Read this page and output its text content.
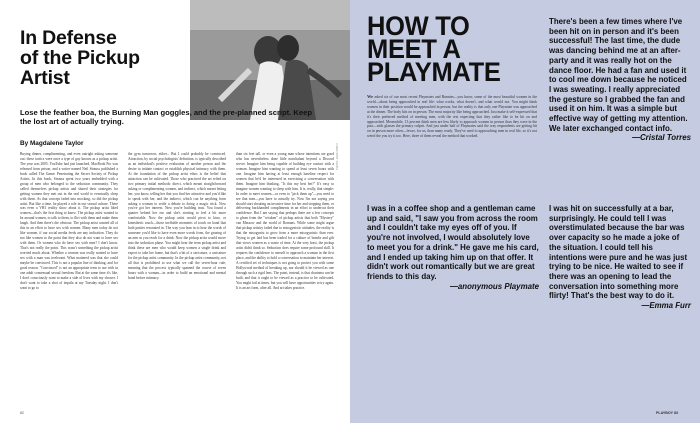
In Defense
of the Pickup
Artist
Lose the feather boa, the Burning Man goggles, and the pre-planned script. Keep the lost art of actually trying.
By Magdalene Taylor

Buying dinner, complimenting, and even outright asking someone out: these tactics were once a type of gay known as a pickup artist. The year was 2005. YouTube had just launched, MacBook Pro was released from prison, and a writer named Neil Strauss published a book called The Game: Penetrating the Secret Society of Pickup Artists. In this book, Strauss spent two years embedded with a group of men who belonged to the seduction community. They called themselves pickup artists and shared their strategies for getting women they met out in the real world to eventually sleep with them. As that concept faded into mocking, so did the pickup artist. But like a time, he played a role in our sexual culture. There was even a VH1 reality show about it. The pickup artist liked women—that's the first thing to know. The pickup artist wanted to be around women, to talk to them, to flirt with them and make them laugh. And then there's the obvious: The pickup artist wanted all of this in an effort to have sex with women. Many men today do not like women, if our social media feeds are any indication. They do not like women to the point that they also do not want to have sex with them. Or women who do have sex with men? I don't know. That's not really the point. This wasn't something the pickup artist worried much about. Whether a woman was really wanted to have sex with a man was irrelevant. What mattered was that she could maybe be convinced. This is not a popular line of thinking, and for good reason. "Convinced" is not an appropriate term to use with in one adult consensual sexual freedom. But at the same time it's like, I don't consciously want to make a side of lives with my shower. I don't want to take a shot of tequila at my Tuesday night. I don't want to go to

the gym tomorrow, either... But I could probably be convinced. Attraction, by social psychologists' definition, is typically described as an individual's positive evaluation of another person and the desire to initiate contact or establish physical intimacy with them. At the foundation of the pickup artist ethos is the belief that attraction can be cultivated. Those who practiced the art relied on two primary initial methods: direct, which meant straightforward asking or complimenting women, and indirect, which meant letting her, you know, telling her that you find her attractive and you'd like to speak with her, and the indirect, which can be anything from asking a woman to settle a debate to doing a magic trick. Now you've got her interest. Now you're building trust. You found a quarter behind her ear and she's starting to feel a bit more comfortable. Now the pickup artist would pivot to kino, or kinesthetic touch—those ineffable moments of touch on hand that both parties resonated in. The way you lean in to hear the words of someone you'd like to have even more words from, the grazing of an arm as you reach for a drink. Now the pickup artist would move into the seduction phase. You might hear the term pickup artist and think these are men who would keep women a single drink and expect to take her home, but that's a bit of a caricature, a caricature for the pickup artist community. In the pickup artist community, not all that is prohibited to use what we call the seven-hour rule, meaning that the process typically spanned the course of seven hours with a woman—in order to build an emotional and mental bond before intimacy.

than six feet tall, or even a young man whose intentions are good who has nevertheless done little nonchalant beyond a Discord server. Imagine him being capable of building eye contact with a woman. Imagine him wanting to spend at least seven hours with one. Imagine him having at least enough baseline respect for women that he'd be interested in exercising a conversation with them. Imagine him thinking, "Is this my best bet?" It's easy to imagine women wanting to sleep with him. It is, really, that simple: In order to meet women—or even to "pick them up"—you need to see that men—you have to actually try. Now I'm not saying you should start shouting an invasive time for her and stopping them, or delivering backhanded compliments in an effort to undercut their confidence. But I am saying that perhaps there are a few concepts to glean from the "wisdom" of pickup artists that both "Mystery" van Massow and the world of Romans. While some might argue that pickup artistry faded due to misogynistic attitudes, the reality is that the misogynist to grow from a more misogynistic than ever. Trying to get laid has been traded for a culture of bombs and gift that views women as a waste of time. At the very least, the pickup artist didn't think so. Seduction does require some profound skill. It requires the confidence to oneself to approach a woman in the first place, and the ability to hold a conversation to maintain her interest. A certified set of techniques is not going to protect you with some Hollywood method of breaking up, nor should it be viewed as one through such a rigid lens. The point, instead, is that charisma can be built, and that it ought to be viewed as a practice to be cultivated. You might fail at times, but you will have opportunities to try again. It is an art form, after all. And art takes practice.

PHOTO: JOHN SMITH
82
HOW TO
MEET A
PLAYMATE
We asked six of our most recent Playmates and Bunnies—you know, some of the most beautiful women in the world—about being approached in real life: what works, what doesn't, and what would not. You might think women in their position would be approached in person, but the reality is that only one Playmate was approached at the dinner. The body hits on in person. The most majority like being approached. Just make it self-expressed that it's their preferred method of meeting men, with the rest expecting that they rather like to be hit on and approached. Meanwhile, 13 percent think men are less likely to approach women in person than they were in the past—with glasses the primary culprit. And just under half of Playmates said the way respondents are getting hit on in person more often—fewer, for us, than many ready. They've used to approaching men in real life, so it's not weird the you try it too. Here, three of them reveal the method that worked.
There's been a few times where I've been hit on in person and it's been successful! The last time, the dude was dancing behind me at an after-party and it was really hot on the dance floor. He had a fan and used it to cool me down because he noticed I was sweating. I really appreciated the gesture so I grabbed the fan and used it on him. It was a simple but effective way of getting my attention. We later exchanged contact info.
—Cristal Torres
I was in a coffee shop and a gentleman came up and said, "I saw you from across the room and I couldn't take my eyes off of you. If you're not involved, I would absolutely love to meet you for a drink." He gave me his card, and I ended up taking him up on that offer. It didn't work out romantically but we are great friends to this day.
—anonymous Playmate
I was hit on successfully at a bar, surprisingly. He could tell I was overstimulated because the bar was over capacity so he made a joke of the situation. I could tell his intentions were pure and he was just trying to be nice. He waited to see if there was an opening to lead the conversation into something more flirty! That's the best way to do it.
—Emma Furr
PLAYBOY 83
